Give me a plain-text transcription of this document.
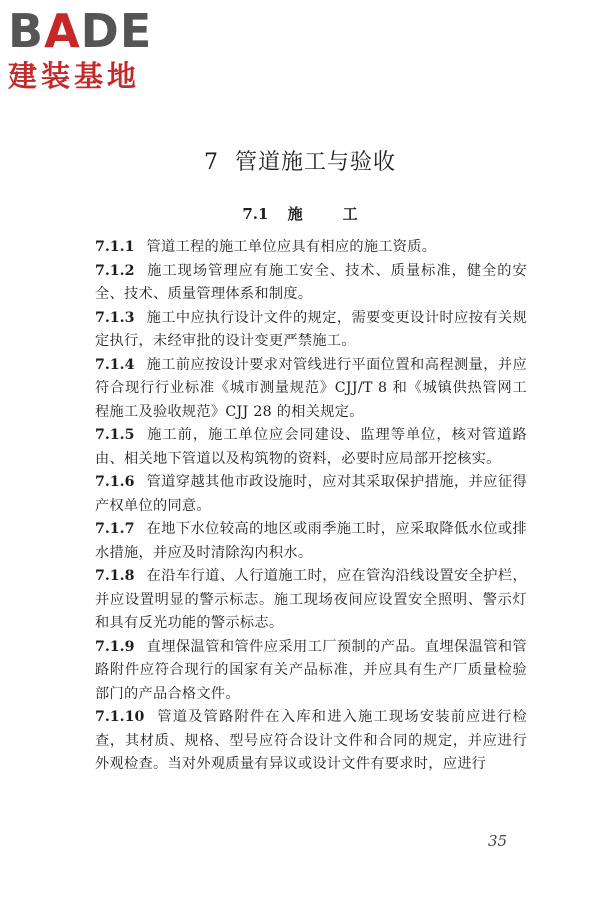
BADE
建装基地
7 管道施工与验收
7.1 施	工

7.1.1 管道工程的施工单位应具有相应的施工资质。

7.1.2 施工现场管理应有施工安全、技术、质量标准，健全的安全、技术、质量管理体系和制度。

7.1.3 施工中应执行设计文件的规定，需要变更设计时应按有关规定执行，未经审批的设计变更严禁施工。

7.1.4 施工前应按设计要求对管线进行平面位置和高程测量，并应符合现行行业标准《城市测量规范》CJJ/T 8 和《城镇供热管网工程施工及验收规范》CJJ 28 的相关规定。

7.1.5 施工前，施工单位应会同建设、监理等单位，核对管道路由、相关地下管道以及构筑物的资料，必要时应局部开挖核实。

7.1.6 管道穿越其他市政设施时，应对其采取保护措施，并应征得产权单位的同意。

7.1.7 在地下水位较高的地区或雨季施工时，应采取降低水位或排水措施，并应及时清除沟内积水。

7.1.8 在沿车行道、人行道施工时，应在管沟沿线设置安全护栏，并应设置明显的警示标志。施工现场夜间应设置安全照明、警示灯和具有反光功能的警示标志。

7.1.9 直埋保温管和管件应采用工厂预制的产品。直埋保温管和管路附件应符合现行的国家有关产品标准，并应具有生产厂质量检验部门的产品合格文件。

7.1.10 管道及管路附件在入库和进入施工现场安装前应进行检查，其材质、规格、型号应符合设计文件和合同的规定，并应进行外观检查。当对外观质量有异议或设计文件有要求时，应进行

35
